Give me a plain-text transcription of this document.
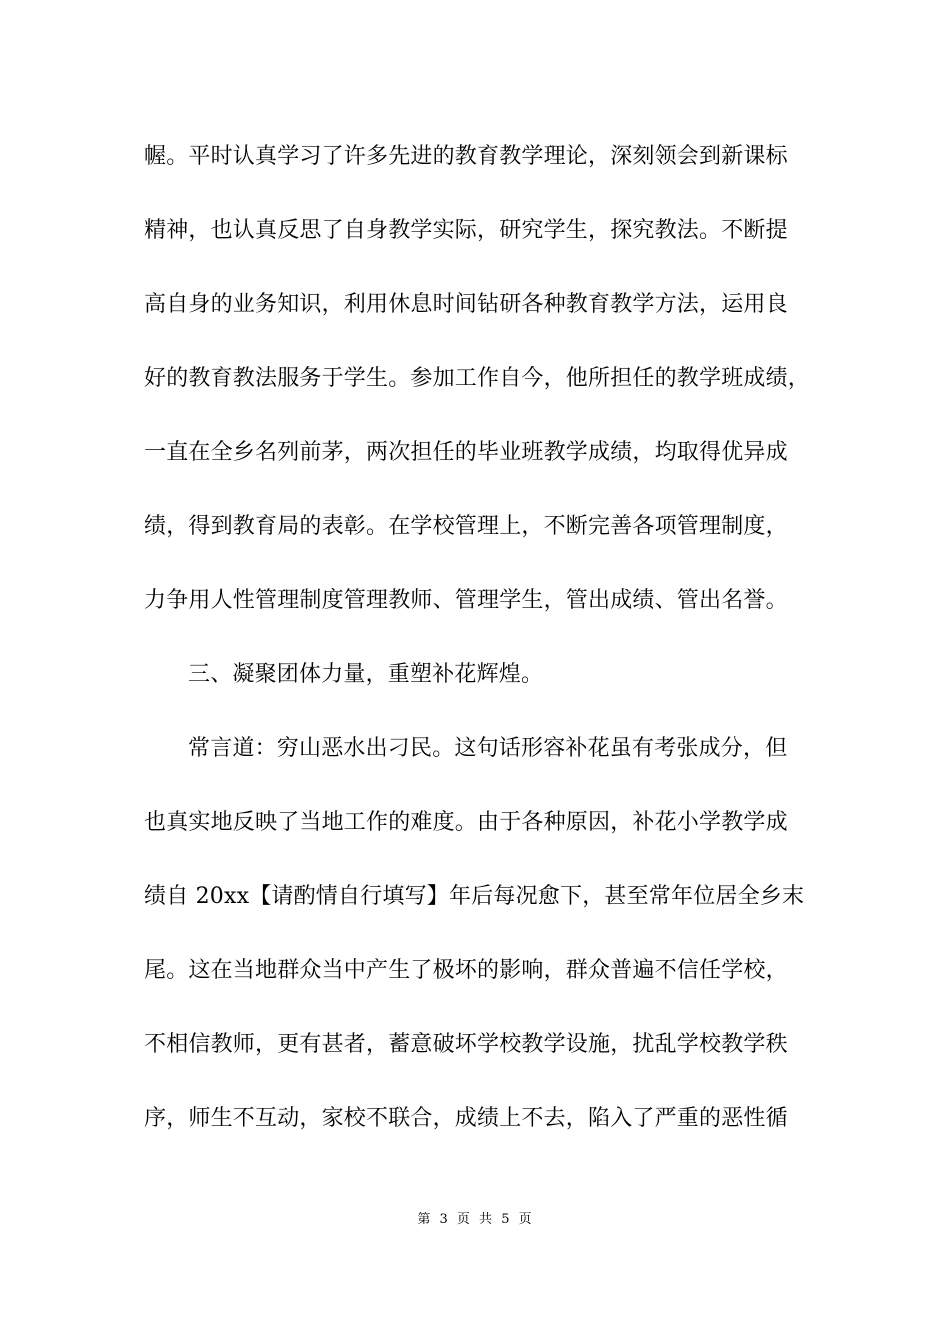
幄。平时认真学习了许多先进的教育教学理论，深刻领会到新课标
精神，也认真反思了自身教学实际，研究学生，探究教法。不断提
高自身的业务知识，利用休息时间钻研各种教育教学方法，运用良
好的教育教法服务于学生。参加工作自今，他所担任的教学班成绩，
一直在全乡名列前茅，两次担任的毕业班教学成绩，均取得优异成
绩，得到教育局的表彰。在学校管理上，不断完善各项管理制度，
力争用人性管理制度管理教师、管理学生，管出成绩、管出名誉。
三、凝聚团体力量，重塑补花辉煌。
常言道：穷山恶水出刁民。这句话形容补花虽有考张成分，但
也真实地反映了当地工作的难度。由于各种原因，补花小学教学成
绩自 20xx【请酌情自行填写】年后每况愈下，甚至常年位居全乡末
尾。这在当地群众当中产生了极坏的影响，群众普遍不信任学校，
不相信教师，更有甚者，蓄意破坏学校教学设施，扰乱学校教学秩
序，师生不互动，家校不联合，成绩上不去，陷入了严重的恶性循
第 3 页 共 5 页
